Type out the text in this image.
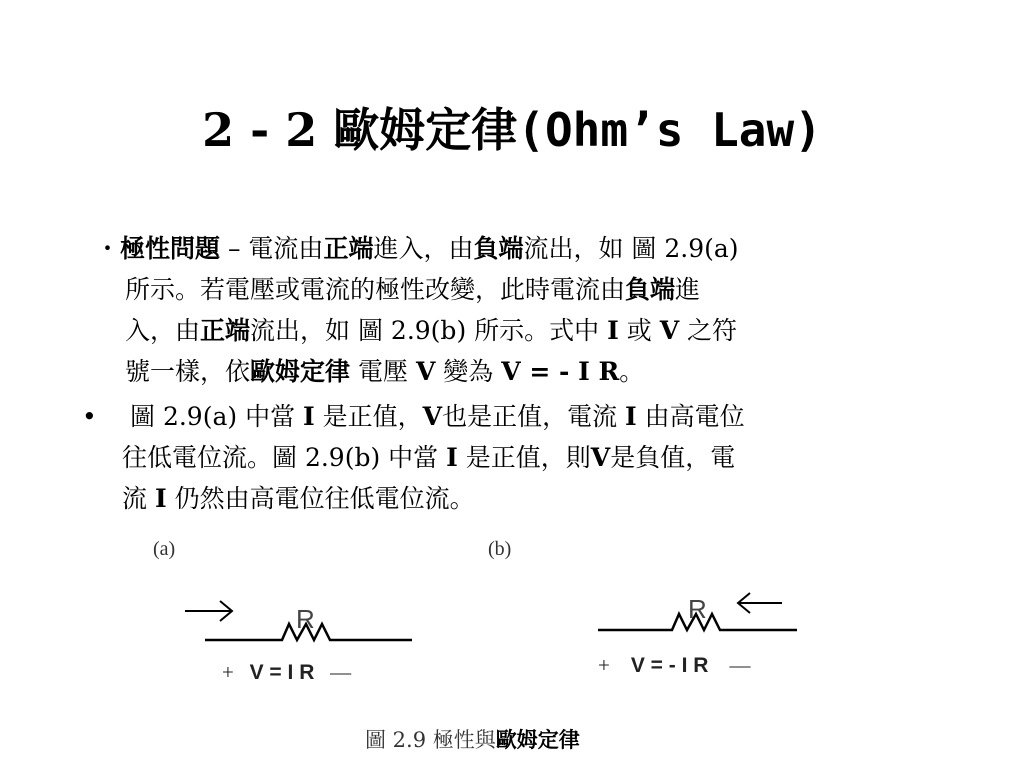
2 - 2 歐姆定律(Ohm’s Law)
・極性問題 – 電流由正端進入，由負端流出，如 圖 2.9(a)
所示。若電壓或電流的極性改變，此時電流由負端進
入，由正端流出，如 圖 2.9(b) 所示。式中 I 或 V 之符
號一樣，依歐姆定律 電壓 V 變為 V = - I R。
• 圖 2.9(a) 中當 I 是正值，V也是正值，電流 I 由高電位
往低電位流。圖 2.9(b) 中當 I 是正值，則V是負值，電
流 I 仍然由高電位往低電位流。
(a)
R	R
+ V = I R —
(b)
+ V = - I R —
圖 2.9 極性與歐姆定律
